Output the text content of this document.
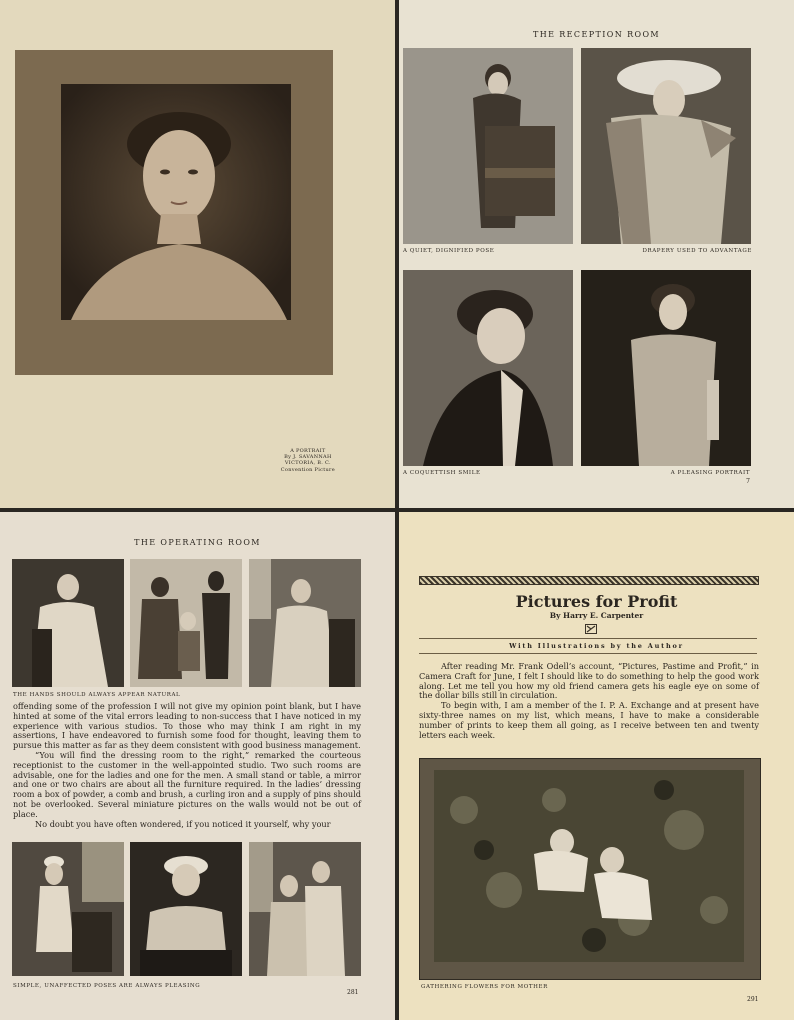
A PORTRAIT
By J. SAVANNAH
VICTORIA, B. C.
Convention Picture
THE RECEPTION ROOM
A QUIET, DIGNIFIED POSE	DRAPERY USED TO ADVANTAGE
A COQUETTISH SMILE	A PLEASING PORTRAIT
7
THE OPERATING ROOM
THE HANDS SHOULD ALWAYS APPEAR NATURAL

offending some of the profession I will not give my opinion point blank, but I have hinted at some of the vital errors leading to non-success that I have noticed in my experience with various studios. To those who may think I am right in my assertions, I have endeavored to furnish some food for thought, leaving them to pursue this matter as far as they deem consistent with good business management.

“You will find the dressing room to the right,” remarked the courteous receptionist to the customer in the well-appointed studio. Two such rooms are advisable, one for the ladies and one for the men. A small stand or table, a mirror and one or two chairs are about all the furniture required. In the ladies’ dressing room a box of powder, a comb and brush, a curling iron and a supply of pins should not be overlooked. Several miniature pictures on the walls would not be out of place.

No doubt you have often wondered, if you noticed it yourself, why your

SIMPLE, UNAFFECTED POSES ARE ALWAYS PLEASING
281
Pictures for Profit
By Harry E. Carpenter
With Illustrations by the Author

After reading Mr. Frank Odell’s account, “Pictures, Pastime and Profit,” in Camera Craft for June, I felt I should like to do something to help the good work along. Let me tell you how my old friend camera gets his eagle eye on some of the dollar bills still in circulation.

To begin with, I am a member of the I. P. A. Exchange and at present have sixty-three names on my list, which means, I have to make a considerable number of prints to keep them all going, as I receive between ten and twenty letters each week.

GATHERING FLOWERS FOR MOTHER
291
